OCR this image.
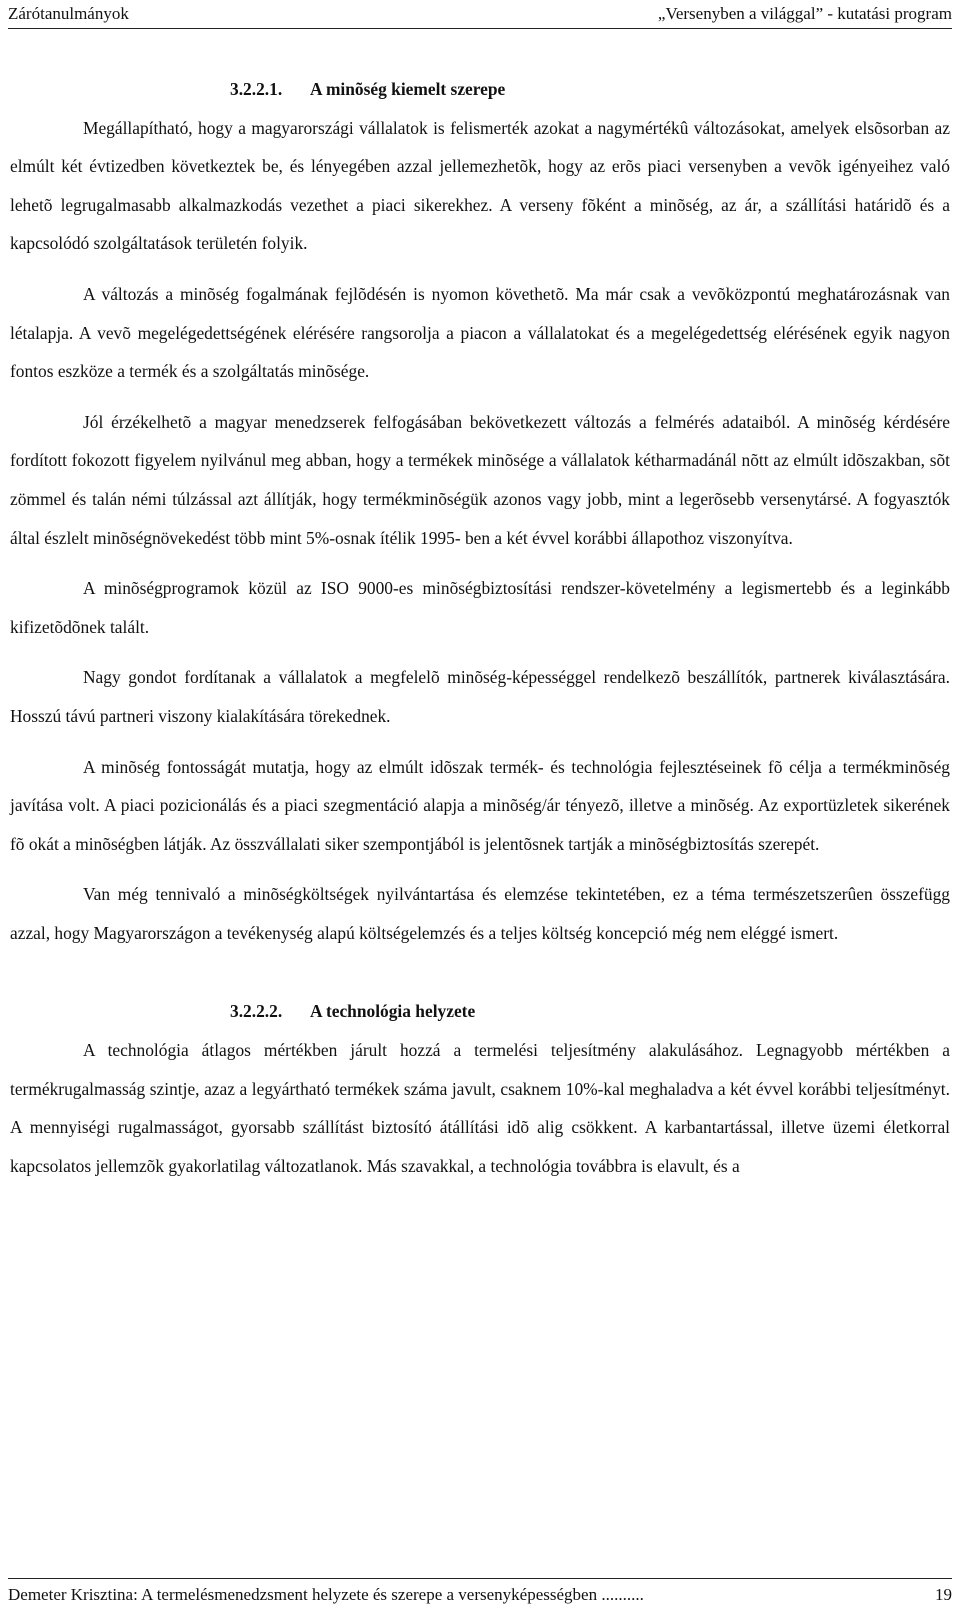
Zárótanulmányok	„Versenyben a világgal” - kutatási program
3.2.2.1. A minõség kiemelt szerepe

Megállapítható, hogy a magyarországi vállalatok is felismerték azokat a nagymértékû változásokat, amelyek elsõsorban az elmúlt két évtizedben következtek be, és lényegében azzal jellemezhetõk, hogy az erõs piaci versenyben a vevõk igényeihez való lehetõ legrugalmasabb alkalmazkodás vezethet a piaci sikerekhez. A verseny fõként a minõség, az ár, a szállítási határidõ és a kapcsolódó szolgáltatások területén folyik.

A változás a minõség fogalmának fejlõdésén is nyomon követhetõ. Ma már csak a vevõközpontú meghatározásnak van létalapja. A vevõ megelégedettségének elérésére rangsorolja a piacon a vállalatokat és a megelégedettség elérésének egyik nagyon fontos eszköze a termék és a szolgáltatás minõsége.

Jól érzékelhetõ a magyar menedzserek felfogásában bekövetkezett változás a felmérés adataiból. A minõség kérdésére fordított fokozott figyelem nyilvánul meg abban, hogy a termékek minõsége a vállalatok kétharmadánál nõtt az elmúlt idõszakban, sõt zömmel és talán némi túlzással azt állítják, hogy termékminõségük azonos vagy jobb, mint a legerõsebb versenytársé. A fogyasztók által észlelt minõségnövekedést több mint 5%-osnak ítélik 1995- ben a két évvel korábbi állapothoz viszonyítva.

A minõségprogramok közül az ISO 9000-es minõségbiztosítási rendszer-követelmény a legismertebb és a leginkább kifizetõdõnek talált.

Nagy gondot fordítanak a vállalatok a megfelelõ minõség-képességgel rendelkezõ beszállítók, partnerek kiválasztására. Hosszú távú partneri viszony kialakítására törekednek.

A minõség fontosságát mutatja, hogy az elmúlt idõszak termék- és technológia fejlesztéseinek fõ célja a termékminõség javítása volt. A piaci pozicionálás és a piaci szegmentáció alapja a minõség/ár tényezõ, illetve a minõség. Az exportüzletek sikerének fõ okát a minõségben látják. Az összvállalati siker szempontjából is jelentõsnek tartják a minõségbiztosítás szerepét.

Van még tennivaló a minõségköltségek nyilvántartása és elemzése tekintetében, ez a téma természetszerûen összefügg azzal, hogy Magyarországon a tevékenység alapú költségelemzés és a teljes költség koncepció még nem eléggé ismert.

3.2.2.2. A technológia helyzete

A technológia átlagos mértékben járult hozzá a termelési teljesítmény alakulásához. Legnagyobb mértékben a termékrugalmasság szintje, azaz a legyártható termékek száma javult, csaknem 10%-kal meghaladva a két évvel korábbi teljesítményt. A mennyiségi rugalmasságot, gyorsabb szállítást biztosító átállítási idõ alig csökkent. A karbantartással, illetve üzemi életkorral kapcsolatos jellemzõk gyakorlatilag változatlanok. Más szavakkal, a technológia továbbra is elavult, és a

Demeter Krisztina: A termelésmenedzsment helyzete és szerepe a versenyképességben ..........	19
